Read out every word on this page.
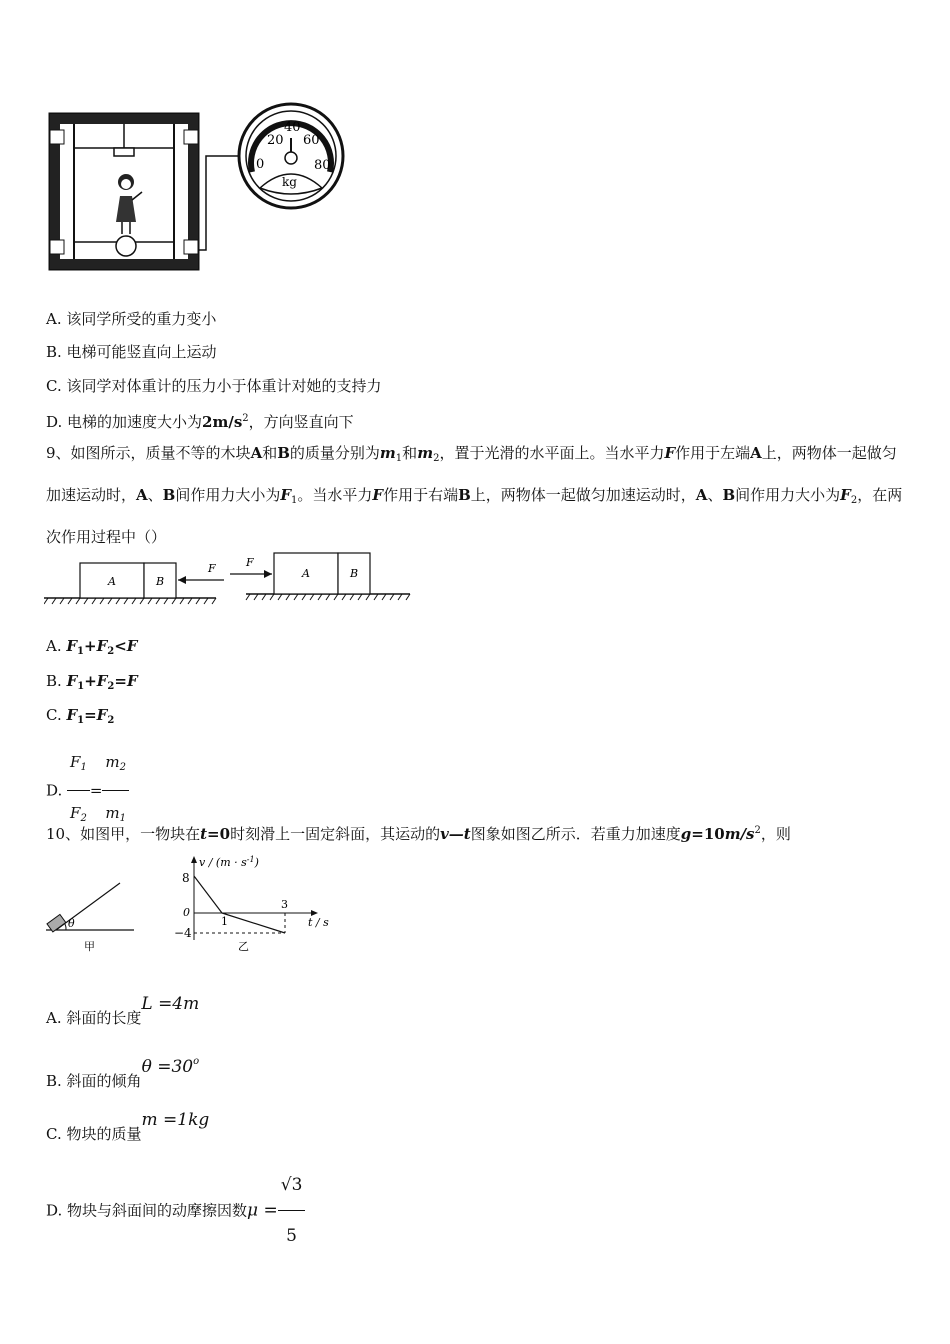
20
40
60
0	80
kg
A. 该同学所受的重力变小
B. 电梯可能竖直向上运动
C. 该同学对体重计的压力小于体重计对她的支持力
D. 电梯的加速度大小为$2m/s^2$，方向竖直向下
9、如图所示，质量不等的木块A和B的质量分别为$m_1$和$m_2$，置于光滑的水平面上。当水平力F作用于左端A上，两物体一起做匀加速运动时，A、B间作用力大小为$F_1$。当水平力F作用于右端B上，两物体一起做匀加速运动时，A、B间作用力大小为$F_2$，在两次作用过程中（）
A	B
F	A	B
F
A. $F_1+F_2<F$
B. $F_1+F_2=F$
C. $F_1=F_2$
D. $\frac{F_1}{F_2} = \frac{m_2}{m_1}$
10、如图甲，一物块在t=0时刻滑上一固定斜面，其运动的v—t图象如图乙所示．若重力加速度$g=10m/s^2$，则
θ
甲
$v / (m \cdot s^{-1})$
t / s
0
8
−4
1
3
乙
A. 斜面的长度L =4m
B. 斜面的倾角$\theta =30^o$
C. 物块的质量m =1kg
D. 物块与斜面间的动摩擦因数$\mu = \frac{√3}{5}$
